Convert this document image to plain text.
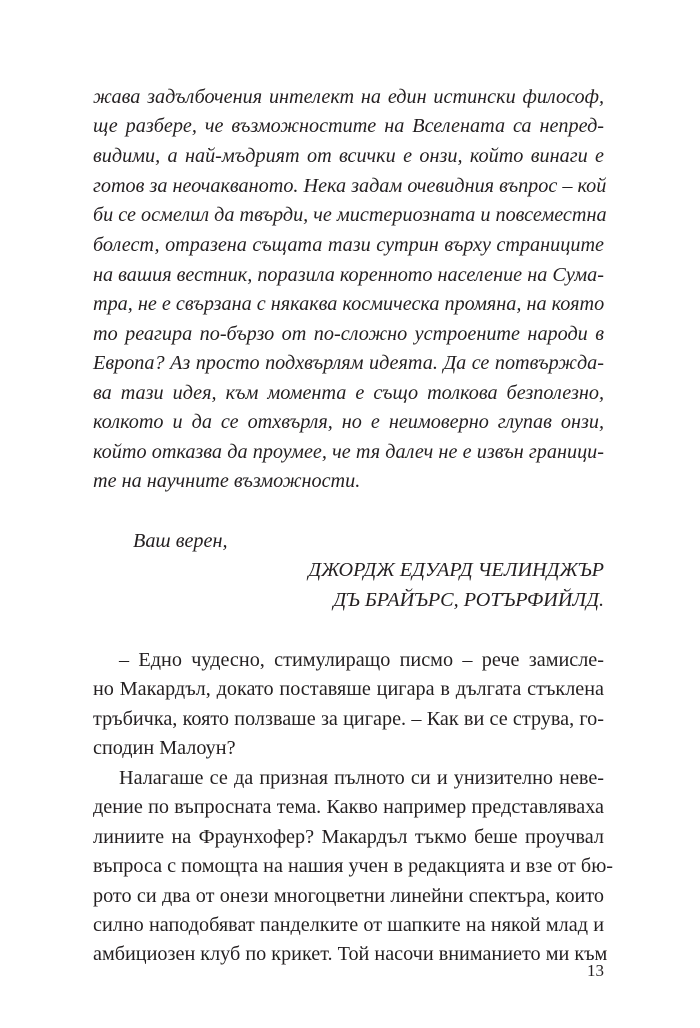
жава задълбочения интелект на един истински философ,
ще разбере, че възможностите на Вселената са непред-
видими, а най-мъдрият от всички е онзи, който винаги е
готов за неочакваното. Нека задам очевидния въпрос – кой
би се осмелил да твърди, че мистериозната и повсеместна
болест, отразена същата тази сутрин върху страниците
на вашия вестник, поразила коренното население на Сума-
тра, не е свързана с някаква космическа промяна, на която
то реагира по-бързо от по-сложно устроените народи в
Европа? Аз просто подхвърлям идеята. Да се потвържда-
ва тази идея, към момента е също толкова безполезно,
колкото и да се отхвърля, но е неимоверно глупав онзи,
който отказва да проумее, че тя далеч не е извън граници-
те на научните възможности.
Ваш верен,
ДЖОРДЖ ЕДУАРД ЧЕЛИНДЖЪР
ДЪ БРАЙЪРС, РОТЪРФИЙЛД.
– Едно чудесно, стимулиращо писмо – рече замисле-
но Макардъл, докато поставяше цигара в дългата стъклена
тръбичка, която ползваше за цигаре. – Как ви се струва, го-
сподин Малоун?
Налагаше се да призная пълното си и унизително неве-
дение по въпросната тема. Какво например представляваха
линиите на Фраунхофер? Макардъл тъкмо беше проучвал
въпроса с помощта на нашия учен в редакцията и взе от бю-
рото си два от онези многоцветни линейни спектъра, които
силно наподобяват панделките от шапките на някой млад и
амбициозен клуб по крикет. Той насочи вниманието ми към
13
